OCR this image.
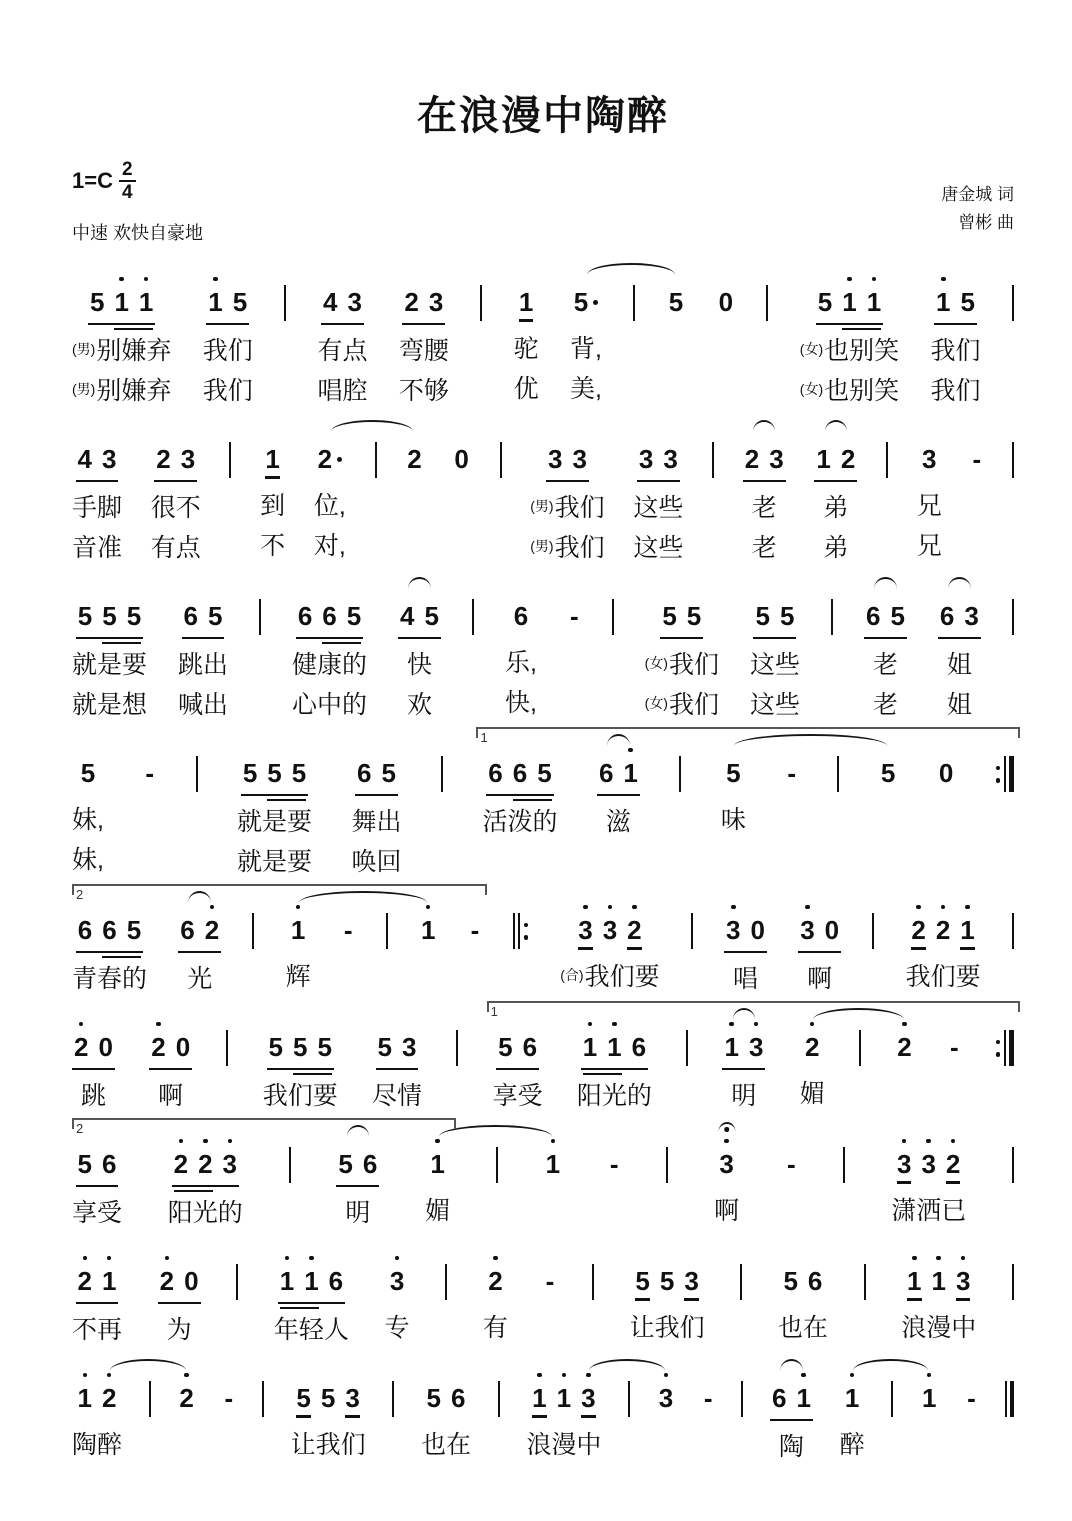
在浪漫中陶醉
$1=C \frac{2}{4}$
中速 欢快自豪地
唐金城 词
曾彬 曲
5 1 1
(男) 别嫌弃
(男) 别嫌弃
1 5
我们
我们
4 3
有点
唱腔
2 3
弯腰
不够
1
驼
优
5
背,
美,
5

0

	5 1 1
(女) 也别笑
(女) 也别笑
1 5
我们
我们
4 3
手脚
音准
2 3
很不
有点
1
到
不
2
位,
对,
2

0

	3 3
(男) 我们
(男) 我们
3 3
这些
这些
2 3
老
老
1 2
弟
弟
3
兄
兄
-

5 5 5
就是要
就是想
6 5
跳出
喊出
6 6 5
健康的
心中的
4 5
快
欢
6
乐,
快,
-

	5 5
(女) 我们
(女) 我们
5 5
这些
这些
6 5
老
老
6 3
姐
姐
5
妹,
妹,
-

	5 5 5
就是要
就是要
6 5
舞出
唤回
6 6 5
活泼的

6 1
滋

5
味

-

	5

0

1
6 6 5
青春的
6 2
光
1
辉
-
	1
-
	3 3 2
(合) 我们要
3 0
唱
3 0
啊
2 2 1
我们要
2
2 0
跳
2 0
啊
5 5 5
我们要
5 3
尽情
5 6
享受
1 1 6
阳光的
1 3
明
2
媚
2
-

1
5 6
享受
2 2 3
阳光的
5 6
明
1
媚
1
-
	3
啊
-
	3 3 2
潇洒已
2
2 1
不再
2 0
为
1 1 6
年轻人
3
专
2
有
-
	5 5 3
让我们
5 6
也在
1 1 3
浪漫中
1 2
陶醉
2
-
5 5 3
让我们
5 6
也在
1 1 3
浪漫中
3
-
6 1
陶
1
醉
1
-
